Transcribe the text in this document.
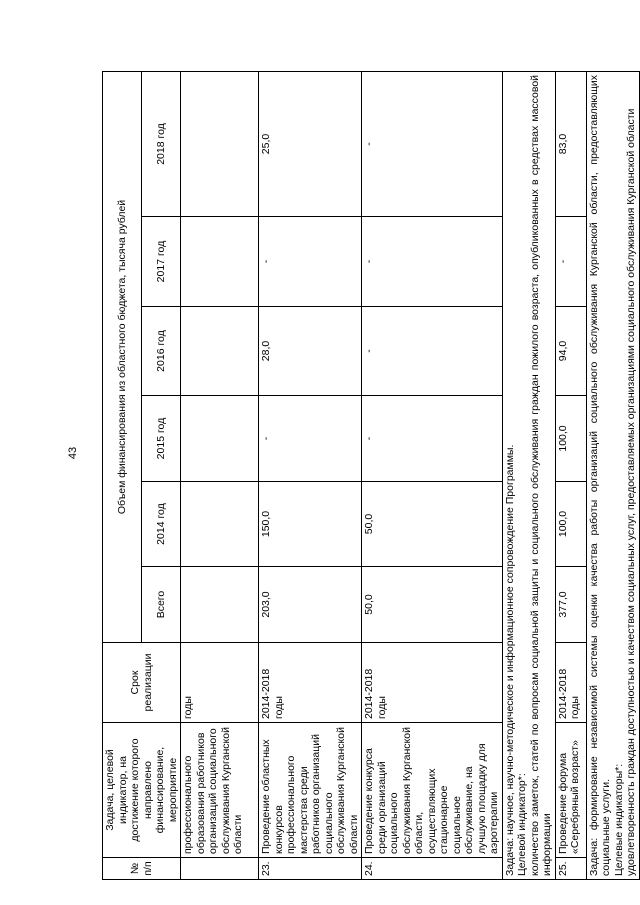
43
№ п/п	Задача, целевой индикатор, на достижение которого направлено финансирование, мероприятие	Срок реализации	Объем финансирования из областного бюджета, тысяча рублей					
			Всего	2014 год	2015 год	2016 год	2017 год	2018 год
	профессионального образования работников организаций социального обслуживания Курганской области	годы						
23.	Проведение областных конкурсов профессионального мастерства среди работников организаций социального обслуживания Курганской области	2014-2018 годы	203,0	150,0	-	28,0	-	25,0
24.	Проведение конкурса среди организаций социального обслуживания Курганской области, осуществляющих стационарное социальное обслуживание, на лучшую площадку для аэротерапии	2014-2018 годы	50,0	50,0	-	-	-	-

Задача: научное, научно-методическое и информационное сопровождение Программы. Целевой индикатор*: количество заметок, статей по вопросам социальной защиты и социального обслуживания граждан пожилого возраста, опубликованных в средствах массовой информации								

25.	Проведение форума «Серебряный возраст»	2014-2018 годы	377,0	100,0	100,0	94,0	-	83,0

Задача: формирование независимой системы оценки качества работы организаций социального обслуживания Курганской области, предоставляющих социальные услуги. Целевые индикаторы*: удовлетворенность граждан доступностью и качеством социальных услуг, предоставляемых организациями социального обслуживания Курганской области								
